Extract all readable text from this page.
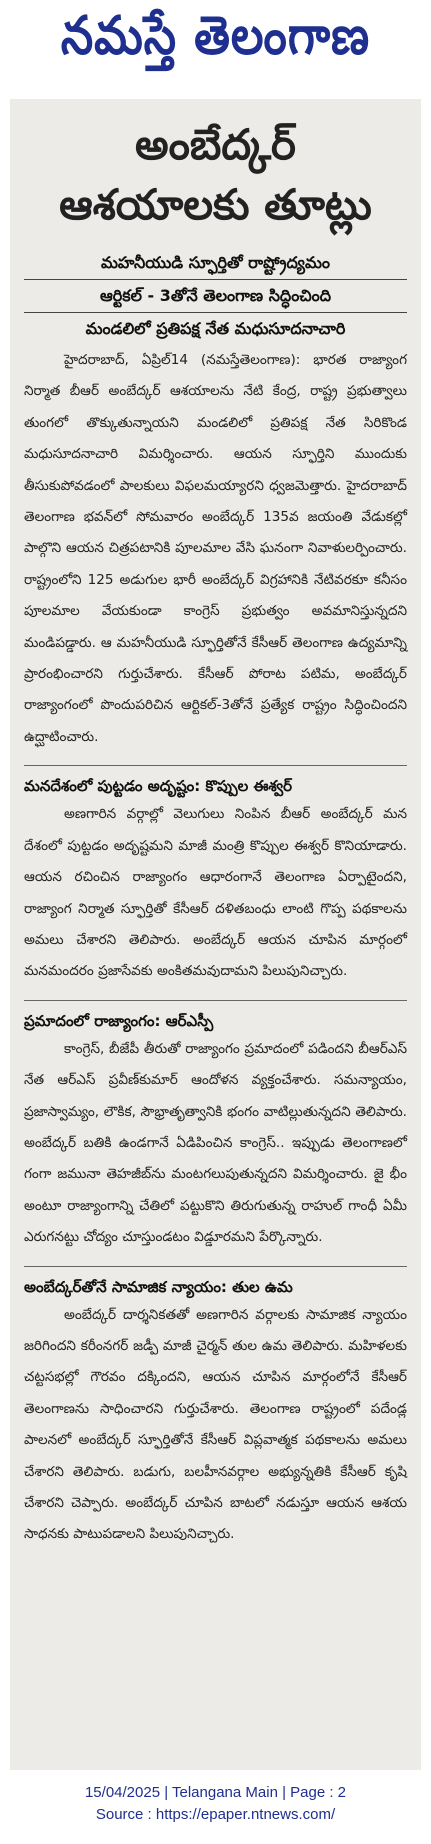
నమస్తే తెలంగాణ
అంబేద్కర్
ఆశయాలకు తూట్లు
మహనీయుడి స్ఫూర్తితో రాష్ట్రోద్యమం
ఆర్టికల్ - 3తోనే తెలంగాణ సిద్ధించింది
మండలిలో ప్రతిపక్ష నేత మధుసూదనాచారి

హైదరాబాద్, ఏప్రిల్14 (నమస్తేతెలంగాణ): భారత రాజ్యాంగ నిర్మాత బీఆర్ అంబేద్కర్ ఆశయాలను నేటి కేంద్ర, రాష్ట్ర ప్రభుత్వాలు తుంగలో తొక్కుతున్నాయని మండలిలో ప్రతిపక్ష నేత సిరికొండ మధుసూదనాచారి విమర్శించారు. ఆయన స్ఫూర్తిని ముందుకు తీసుకుపోవడంలో పాలకులు విఫలమయ్యారని ధ్వజమెత్తారు. హైదరాబాద్ తెలంగాణ భవన్‌లో సోమవారం అంబేద్కర్ 135వ జయంతి వేడుకల్లో పాల్గొని ఆయన చిత్రపటానికి పూలమాల వేసి ఘనంగా నివాళులర్పించారు. రాష్ట్రంలోని 125 అడుగుల భారీ అంబేద్కర్ విగ్రహానికి నేటివరకూ కనీసం పూలమాల వేయకుండా కాంగ్రెస్ ప్రభుత్వం అవమానిస్తున్నదని మండిపడ్డారు. ఆ మహనీయుడి స్ఫూర్తితోనే కేసీఆర్ తెలంగాణ ఉద్యమాన్ని ప్రారంభించారని గుర్తుచేశారు. కేసీఆర్ పోరాట పటిమ, అంబేద్కర్ రాజ్యాంగంలో పొందుపరిచిన ఆర్టికల్-3తోనే ప్రత్యేక రాష్ట్రం సిద్ధించిందని ఉద్ఘాటించారు.

మనదేశంలో పుట్టడం అదృష్టం: కొప్పుల ఈశ్వర్

అణగారిన వర్గాల్లో వెలుగులు నింపిన బీఆర్ అంబేద్కర్ మన దేశంలో పుట్టడం అదృష్టమని మాజీ మంత్రి కొప్పుల ఈశ్వర్ కొనియాడారు. ఆయన రచించిన రాజ్యాంగం ఆధారంగానే తెలంగాణ ఏర్పాటైందని, రాజ్యాంగ నిర్మాత స్ఫూర్తితో కేసీఆర్ దళితబంధు లాంటి గొప్ప పథకాలను అమలు చేశారని తెలిపారు. అంబేద్కర్ ఆయన చూపిన మార్గంలో మనమందరం ప్రజాసేవకు అంకితమవుదామని పిలుపునిచ్చారు.

ప్రమాదంలో రాజ్యాంగం: ఆర్ఎస్పీ

కాంగ్రెస్, బీజేపీ తీరుతో రాజ్యాంగం ప్రమాదంలో పడిందని బీఆర్ఎస్ నేత ఆర్ఎస్ ప్రవీణ్‌కుమార్ ఆందోళన వ్యక్తంచేశారు. సమన్యాయం, ప్రజాస్వామ్యం, లౌకిక, సౌభ్రాతృత్వానికి భంగం వాటిల్లుతున్నదని తెలిపారు. అంబేద్కర్ బతికి ఉండగానే ఏడిపించిన కాంగ్రెస్.. ఇప్పుడు తెలంగాణలో గంగా జమునా తెహజీబ్‌ను మంటగలుపుతున్నదని విమర్శించారు. జై భీం అంటూ రాజ్యాంగాన్ని చేతిలో పట్టుకొని తిరుగుతున్న రాహుల్ గాంధీ ఏమీ ఎరుగనట్టు చోద్యం చూస్తుండటం విడ్డూరమని పేర్కొన్నారు.

అంబేద్కర్‌తోనే సామాజిక న్యాయం: తుల ఉమ

అంబేద్కర్ దార్శనికతతో అణగారిన వర్గాలకు సామాజిక న్యాయం జరిగిందని కరీంనగర్ జడ్పీ మాజీ చైర్మన్ తుల ఉమ తెలిపారు. మహిళలకు చట్టసభల్లో గౌరవం దక్కిందని, ఆయన చూపిన మార్గంలోనే కేసీఆర్ తెలంగాణను సాధించారని గుర్తుచేశారు. తెలంగాణ రాష్ట్రంలో పదేండ్ల పాలనలో అంబేద్కర్ స్ఫూర్తితోనే కేసీఆర్ విప్లవాత్మక పథకాలను అమలు చేశారని తెలిపారు. బడుగు, బలహీనవర్గాల అభ్యున్నతికి కేసీఆర్ కృషి చేశారని చెప్పారు. అంబేద్కర్ చూపిన బాటలో నడుస్తూ ఆయన ఆశయ సాధనకు పాటుపడాలని పిలుపునిచ్చారు.

15/04/2025 | Telangana Main | Page : 2
Source : https://epaper.ntnews.com/
